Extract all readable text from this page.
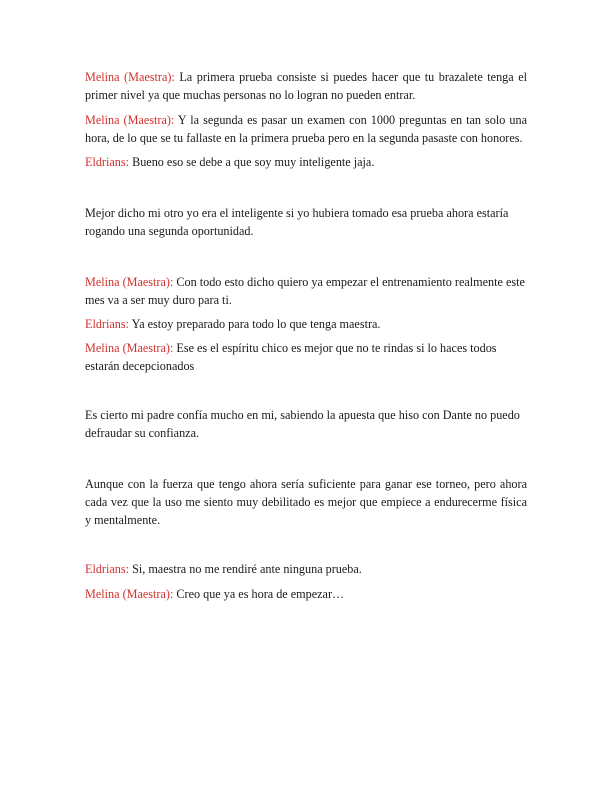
Melina (Maestra): La primera prueba consiste si puedes hacer que tu brazalete tenga el primer nivel ya que muchas personas no lo logran no pueden entrar.

Melina (Maestra): Y la segunda es pasar un examen con 1000 preguntas en tan solo una hora, de lo que se tu fallaste en la primera prueba pero en la segunda pasaste con honores.

Eldrians: Bueno eso se debe a que soy muy inteligente jaja.

Mejor dicho mi otro yo era el inteligente si yo hubiera tomado esa prueba ahora estaría rogando una segunda oportunidad.

Melina (Maestra): Con todo esto dicho quiero ya empezar el entrenamiento realmente este mes va a ser muy duro para ti.

Eldrians: Ya estoy preparado para todo lo que tenga maestra.

Melina (Maestra): Ese es el espíritu chico es mejor que no te rindas si lo haces todos estarán decepcionados

Es cierto mi padre confía mucho en mi, sabiendo la apuesta que hiso con Dante no puedo defraudar su confianza.

Aunque con la fuerza que tengo ahora sería suficiente para ganar ese torneo, pero ahora cada vez que la uso me siento muy debilitado es mejor que empiece a endurecerme física y mentalmente.

Eldrians: Si, maestra no me rendiré ante ninguna prueba.

Melina (Maestra): Creo que ya es hora de empezar…
